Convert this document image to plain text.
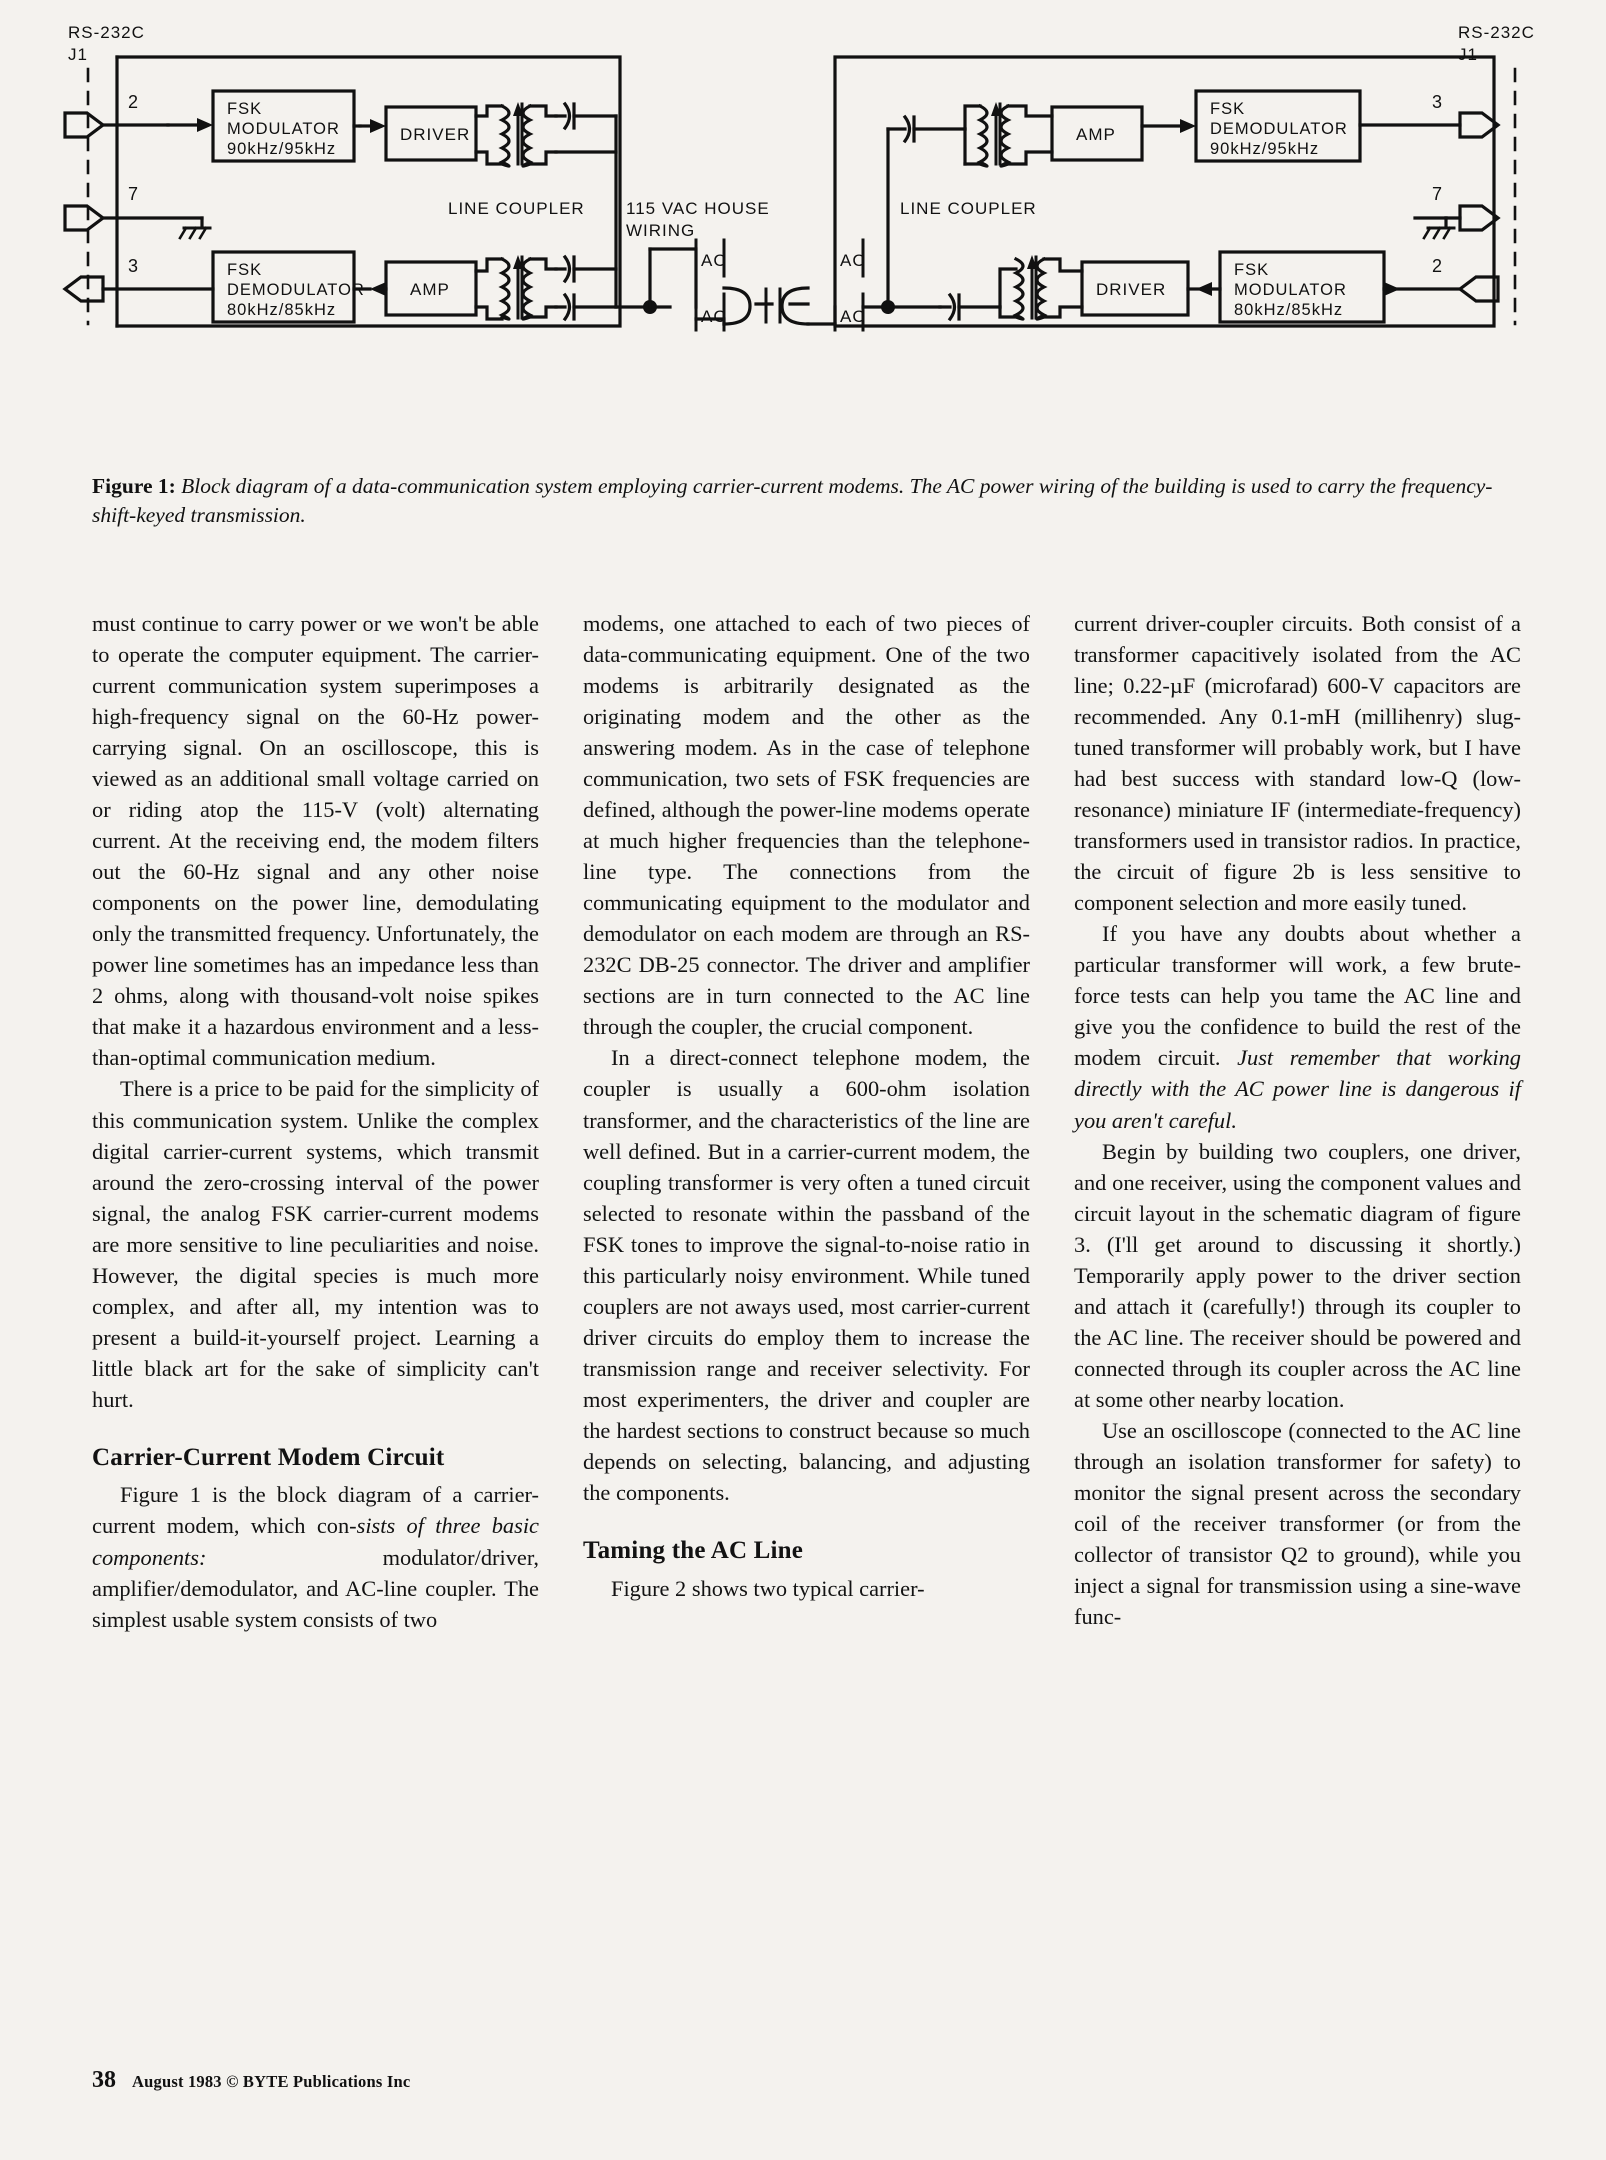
RS-232C
J1
2
7
3
FSK
MODULATOR
90kHz/95kHz
DRIVER
FSK
DEMODULATOR
80kHz/85kHz
AMP
LINE COUPLER 115 VAC HOUSE
WIRING
AC
AC
AC
AC
LINE COUPLER
AMP
FSK
DEMODULATOR
90kHz/95kHz
DRIVER
FSK
MODULATOR
80kHz/85kHz
RS-232C
J1
3
7
2
Figure 1: Block diagram of a data-communication system employing carrier-current modems. The AC power wiring of the building is used to carry the frequency-shift-keyed transmission.

must continue to carry power or we won't be able to operate the computer equipment. The carrier-current communication system superimposes a high-frequency signal on the 60-Hz power-carrying signal. On an oscilloscope, this is viewed as an additional small voltage carried on or riding atop the 115-V (volt) alternating current. At the receiving end, the modem filters out the 60-Hz signal and any other noise components on the power line, demodulating only the transmitted frequency. Unfortunately, the power line sometimes has an impedance less than 2 ohms, along with thousand-volt noise spikes that make it a hazardous environment and a less-than-optimal communication medium.

There is a price to be paid for the simplicity of this communication system. Unlike the complex digital carrier-current systems, which transmit around the zero-crossing interval of the power signal, the analog FSK carrier-current modems are more sensitive to line peculiarities and noise. However, the digital species is much more complex, and after all, my intention was to present a build-it-yourself project. Learning a little black art for the sake of simplicity can't hurt.

Carrier-Current Modem Circuit

Figure 1 is the block diagram of a carrier-current modem, which con-sists of three basic components: modulator/driver, amplifier/demodulator, and AC-line coupler. The simplest usable system consists of two

modems, one attached to each of two pieces of data-communicating equipment. One of the two modems is arbitrarily designated as the originating modem and the other as the answering modem. As in the case of telephone communication, two sets of FSK frequencies are defined, although the power-line modems operate at much higher frequencies than the telephone-line type. The connections from the communicating equipment to the modulator and demodulator on each modem are through an RS-232C DB-25 connector. The driver and amplifier sections are in turn connected to the AC line through the coupler, the crucial component.

In a direct-connect telephone modem, the coupler is usually a 600-ohm isolation transformer, and the characteristics of the line are well defined. But in a carrier-current modem, the coupling transformer is very often a tuned circuit selected to resonate within the passband of the FSK tones to improve the signal-to-noise ratio in this particularly noisy environment. While tuned couplers are not aways used, most carrier-current driver circuits do employ them to increase the transmission range and receiver selectivity. For most experimenters, the driver and coupler are the hardest sections to construct because so much depends on selecting, balancing, and adjusting the components.

Taming the AC Line

Figure 2 shows two typical carrier-

current driver-coupler circuits. Both consist of a transformer capacitively isolated from the AC line; 0.22-µF (microfarad) 600-V capacitors are recommended. Any 0.1-mH (millihenry) slug-tuned transformer will probably work, but I have had best success with standard low-Q (low-resonance) miniature IF (intermediate-frequency) transformers used in transistor radios. In practice, the circuit of figure 2b is less sensitive to component selection and more easily tuned.

If you have any doubts about whether a particular transformer will work, a few brute-force tests can help you tame the AC line and give you the confidence to build the rest of the modem circuit. Just remember that working directly with the AC power line is dangerous if you aren't careful.

Begin by building two couplers, one driver, and one receiver, using the component values and circuit layout in the schematic diagram of figure 3. (I'll get around to discussing it shortly.) Temporarily apply power to the driver section and attach it (carefully!) through its coupler to the AC line. The receiver should be powered and connected through its coupler across the AC line at some other nearby location.

Use an oscilloscope (connected to the AC line through an isolation transformer for safety) to monitor the signal present across the secondary coil of the receiver transformer (or from the collector of transistor Q2 to ground), while you inject a signal for transmission using a sine-wave func-

38 August 1983 © BYTE Publications Inc
